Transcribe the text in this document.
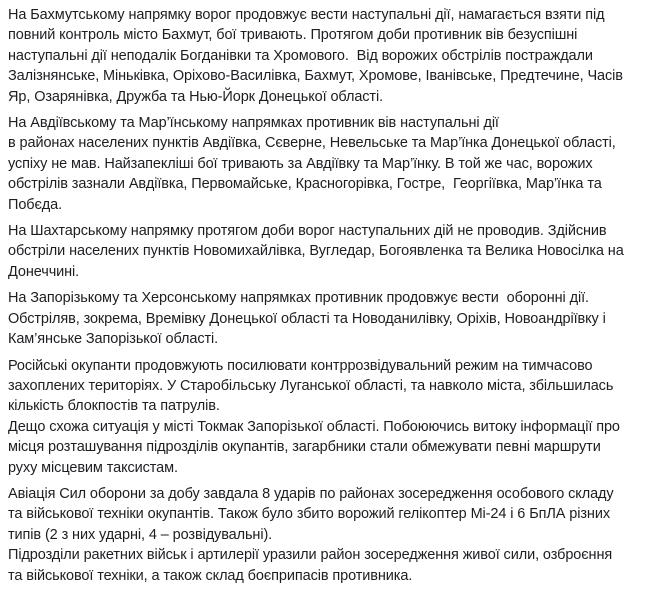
На Бахмутському напрямку ворог продовжує вести наступальні дії, намагається взяти під
повний контроль місто Бахмут, бої тривають. Протягом доби противник вів безуспішні
наступальні дії неподалік Богданівки та Хромового.  Від ворожих обстрілів постраждали
Залізнянське, Міньківка, Оріхово-Василівка, Бахмут, Хромове, Іванівське, Предтечине, Часів
Яр, Озарянівка, Дружба та Нью-Йорк Донецької області.
На Авдіївському та Мар’їнському напрямках противник вів наступальні дії
в районах населених пунктів Авдіївка, Сєверне, Невельське та Мар’їнка Донецької області,
успіху не мав. Найзапекліші бої тривають за Авдіївку та Мар’їнку. В той же час, ворожих
обстрілів зазнали Авдіївка, Первомайське, Красногорівка, Гостре,  Георгіївка, Мар’їнка та
Побєда.
На Шахтарському напрямку протягом доби ворог наступальних дій не проводив. Здійснив
обстріли населених пунктів Новомихайлівка, Вугледар, Богоявленка та Велика Новосілка на
Донеччині.
На Запорізькому та Херсонському напрямках противник продовжує вести  оборонні дії.
Обстріляв, зокрема, Времівку Донецької області та Новоданилівку, Оріхів, Новоандріївку і
Кам’янське Запорізької області.
Російські окупанти продовжують посилювати контррозвідувальний режим на тимчасово
захоплених територіях. У Старобільську Луганської області, та навколо міста, збільшилась
кількість блокпостів та патрулів.
Дещо схожа ситуація у місті Токмак Запорізької області. Побоюючись витоку інформації про
місця розташування підрозділів окупантів, загарбники стали обмежувати певні маршрути
руху місцевим таксистам.
Авіація Сил оборони за добу завдала 8 ударів по районах зосередження особового складу
та військової техніки окупантів. Також було збито ворожий гелікоптер Мі-24 і 6 БпЛА різних
типів (2 з них ударні, 4 – розвідувальні).
Підрозділи ракетних військ і артилерії уразили район зосередження живої сили, озброєння
та військової техніки, а також склад боєприпасів противника.
